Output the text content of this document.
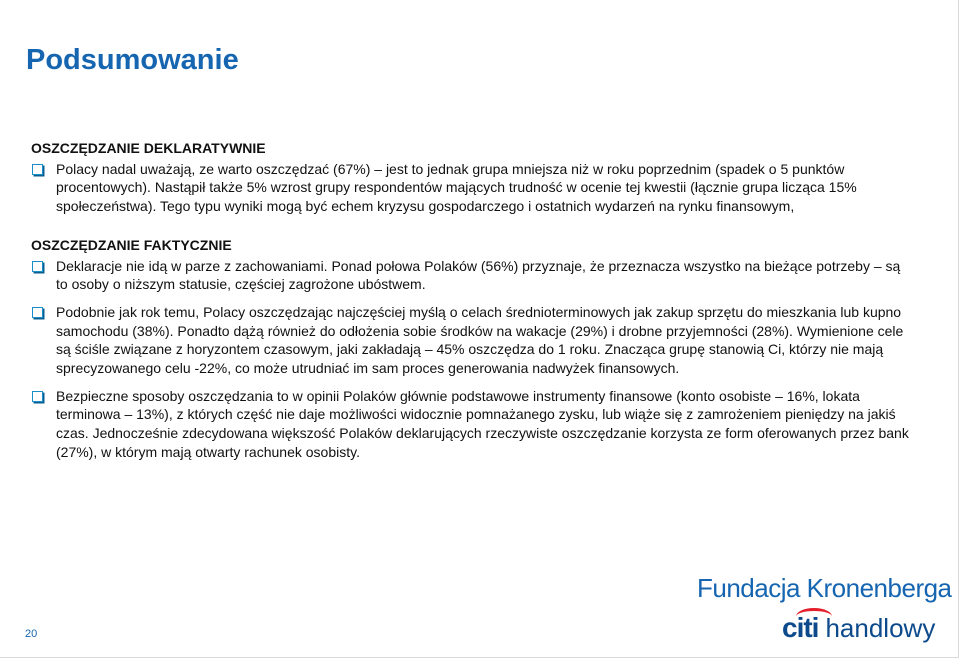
Podsumowanie
OSZCZĘDZANIE DEKLARATYWNIE
Polacy nadal uważają, ze warto oszczędzać (67%) – jest to jednak grupa mniejsza niż w roku poprzednim (spadek o 5 punktów procentowych). Nastąpił także 5% wzrost grupy respondentów mających trudność w ocenie tej kwestii (łącznie grupa licząca 15% społeczeństwa). Tego typu wyniki mogą być echem kryzysu gospodarczego i ostatnich wydarzeń na rynku finansowym,
OSZCZĘDZANIE FAKTYCZNIE
Deklaracje nie idą w parze z zachowaniami. Ponad połowa Polaków (56%) przyznaje, że przeznacza wszystko na bieżące potrzeby – są to osoby o niższym statusie, częściej zagrożone ubóstwem.
Podobnie jak rok temu, Polacy oszczędzając najczęściej myślą o celach średnioterminowych jak zakup sprzętu do mieszkania lub kupno samochodu (38%). Ponadto dążą również do odłożenia sobie środków na wakacje (29%) i drobne przyjemności (28%). Wymienione cele są ściśle związane z horyzontem czasowym, jaki zakładają – 45% oszczędza do 1 roku. Znacząca grupę stanowią Ci, którzy nie mają sprecyzowanego celu -22%, co może utrudniać im sam proces generowania nadwyżek finansowych.
Bezpieczne sposoby oszczędzania to w opinii Polaków głównie podstawowe instrumenty finansowe (konto osobiste – 16%, lokata terminowa – 13%), z których część nie daje możliwości widocznie pomnażanego zysku, lub wiąże się z zamrożeniem pieniędzy na jakiś czas. Jednocześnie zdecydowana większość Polaków deklarujących rzeczywiste oszczędzanie korzysta ze form oferowanych przez bank (27%), w którym mają otwarty rachunek osobisty.
20
Fundacja Kronenberga
citi handlowy
